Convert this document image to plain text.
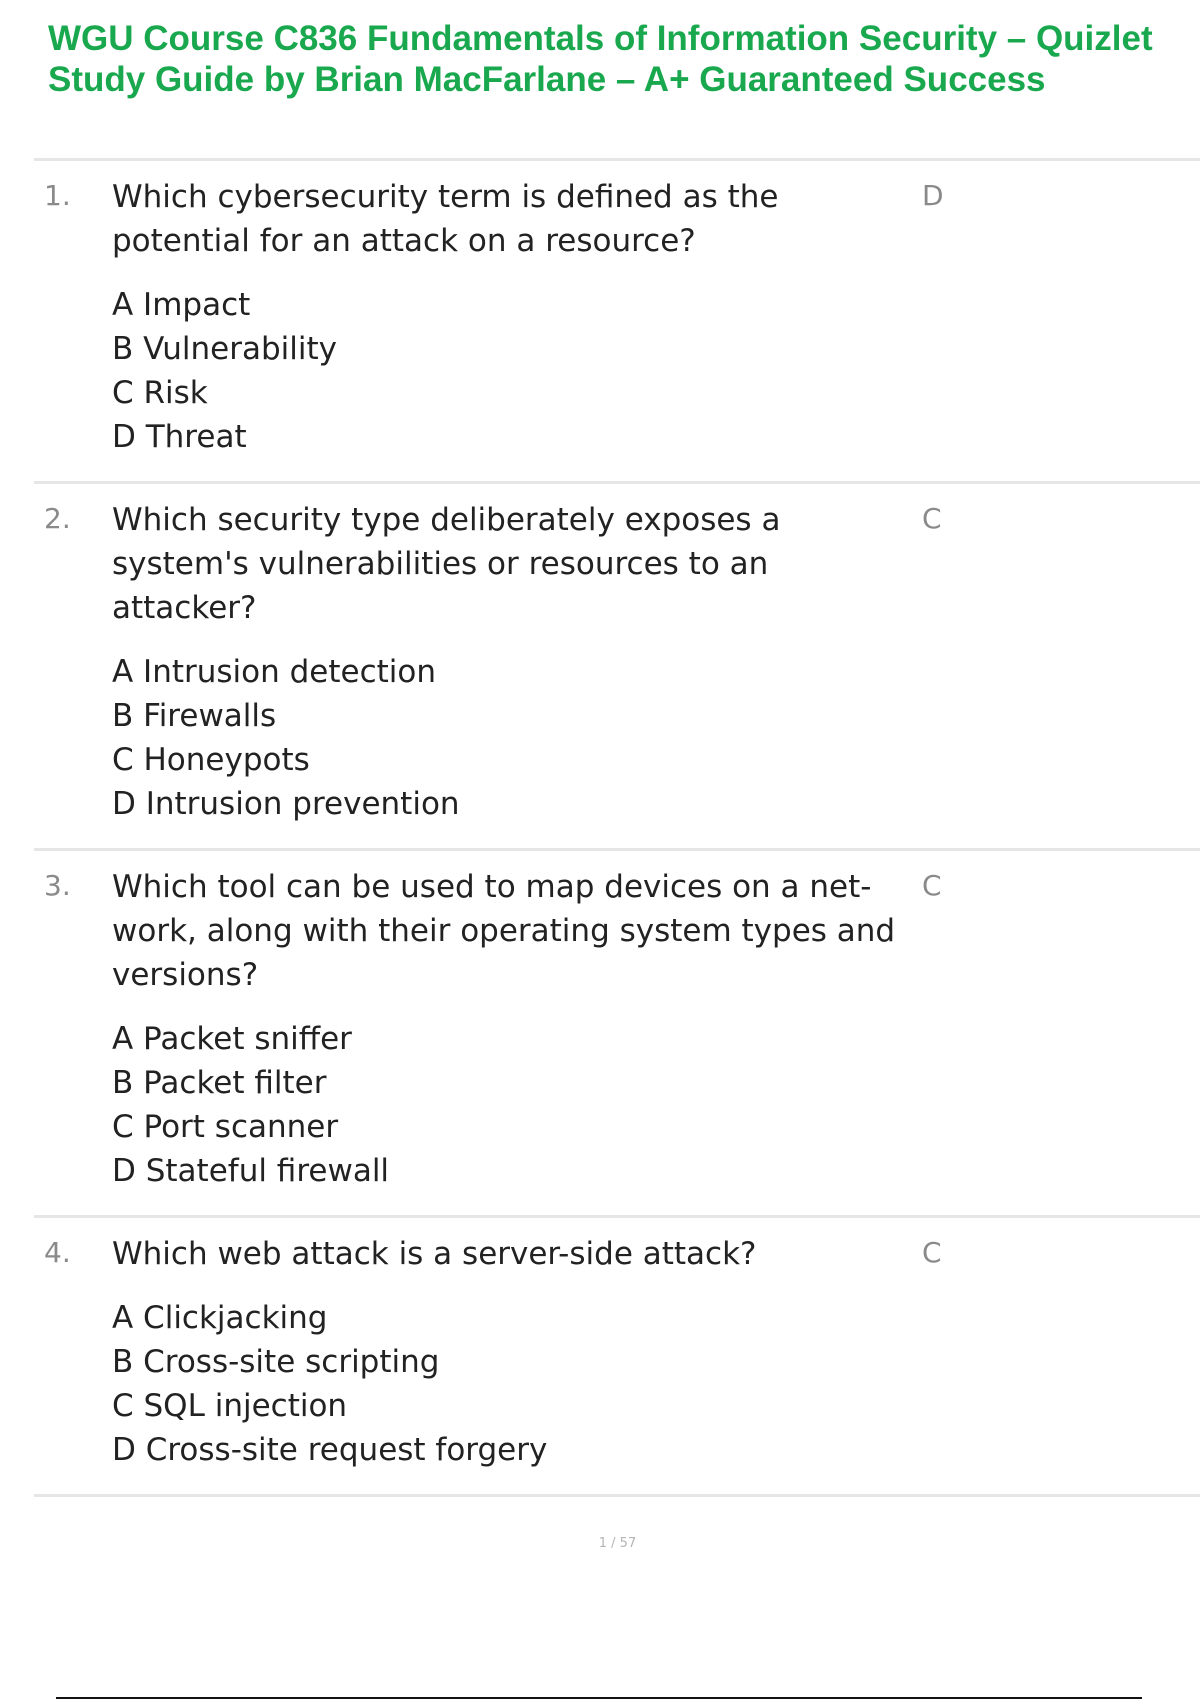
WGU Course C836 Fundamentals of Information Security – Quizlet
Study Guide by Brian MacFarlane – A+ Guaranteed Success
1. Which cybersecurity term is defined as the potential for an attack on a resource?

A Impact
B Vulnerability
C Risk
D Threat
D
2. Which security type deliberately exposes a system's vulnerabilities or resources to an attacker?

A Intrusion detection
B Firewalls
C Honeypots
D Intrusion prevention
C
3. Which tool can be used to map devices on a net- work, along with their operating system types and versions?

A Packet sniffer
B Packet filter
C Port scanner
D Stateful firewall
C
4. Which web attack is a server-side attack?

A Clickjacking
B Cross-site scripting
C SQL injection
D Cross-site request forgery
C
1 / 57
